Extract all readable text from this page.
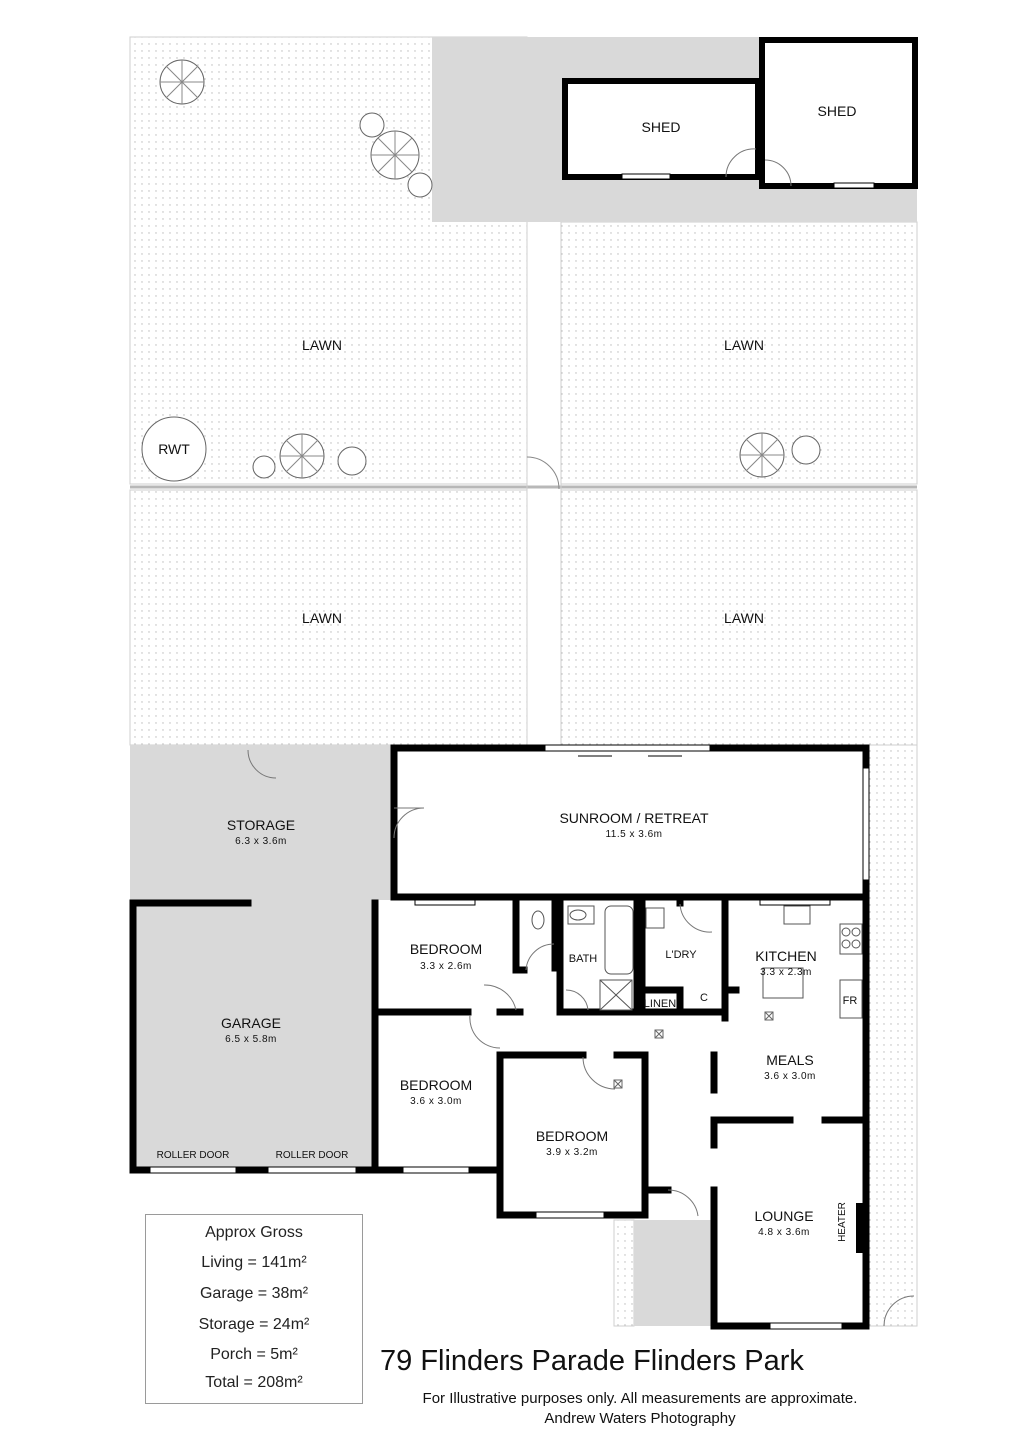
SHED
SHED
LAWN	LAWN
LAWN	LAWN
RWT
STORAGE
6.3 x 3.6m
SUNROOM / RETREAT
11.5 x 3.6m
GARAGE
6.5 x 5.8m
BEDROOM
3.3 x 2.6m
BATH	L'DRY	KITCHEN
3.3 x 2.3m
LINEN C	FR
BEDROOM
3.6 x 3.0m
BEDROOM
3.9 x 3.2m
MEALS
3.6 x 3.0m
LOUNGE
4.8 x 3.6m	HEATER
ROLLER DOOR	ROLLER DOOR
Approx Gross
Living = 141m²
Garage = 38m²
Storage = 24m²
Porch = 5m²
Total = 208m²
79 Flinders Parade Flinders Park
For Illustrative purposes only. All measurements are approximate.
Andrew Waters Photography
